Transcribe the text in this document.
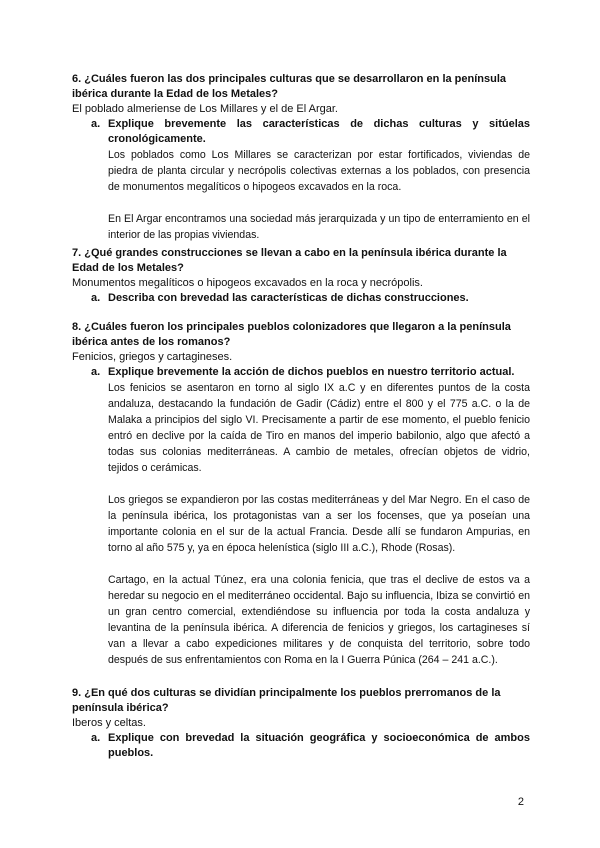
6. ¿Cuáles fueron las dos principales culturas que se desarrollaron en la península ibérica durante la Edad de los Metales?

El poblado almeriense de Los Millares y el de El Argar.

a. Explique brevemente las características de dichas culturas y sitúelas cronológicamente.

Los poblados como Los Millares se caracterizan por estar fortificados, viviendas de piedra de planta circular y necrópolis colectivas externas a los poblados, con presencia de monumentos megalíticos o hipogeos excavados en la roca.

En El Argar encontramos una sociedad más jerarquizada y un tipo de enterramiento en el interior de las propias viviendas.

7. ¿Qué grandes construcciones se llevan a cabo en la península ibérica durante la Edad de los Metales?

Monumentos megalíticos o hipogeos excavados en la roca y necrópolis.

a. Describa con brevedad las características de dichas construcciones.

8. ¿Cuáles fueron los principales pueblos colonizadores que llegaron a la península ibérica antes de los romanos?

Fenicios, griegos y cartagineses.

a. Explique brevemente la acción de dichos pueblos en nuestro territorio actual.

Los fenicios se asentaron en torno al siglo IX a.C y en diferentes puntos de la costa andaluza, destacando la fundación de Gadir (Cádiz) entre el 800 y el 775 a.C. o la de Malaka a principios del siglo VI. Precisamente a partir de ese momento, el pueblo fenicio entró en declive por la caída de Tiro en manos del imperio babilonio, algo que afectó a todas sus colonias mediterráneas. A cambio de metales, ofrecían objetos de vidrio, tejidos o cerámicas.

Los griegos se expandieron por las costas mediterráneas y del Mar Negro. En el caso de la península ibérica, los protagonistas van a ser los focenses, que ya poseían una importante colonia en el sur de la actual Francia. Desde allí se fundaron Ampurias, en torno al año 575 y, ya en época helenística (siglo III a.C.), Rhode (Rosas).

Cartago, en la actual Túnez, era una colonia fenicia, que tras el declive de estos va a heredar su negocio en el mediterráneo occidental. Bajo su influencia, Ibiza se convirtió en un gran centro comercial, extendiéndose su influencia por toda la costa andaluza y levantina de la península ibérica. A diferencia de fenicios y griegos, los cartagineses sí van a llevar a cabo expediciones militares y de conquista del territorio, sobre todo después de sus enfrentamientos con Roma en la I Guerra Púnica (264 – 241 a.C.).

9. ¿En qué dos culturas se dividían principalmente los pueblos prerromanos de la península ibérica?

Iberos y celtas.

a. Explique con brevedad la situación geográfica y socioeconómica de ambos pueblos.
2
